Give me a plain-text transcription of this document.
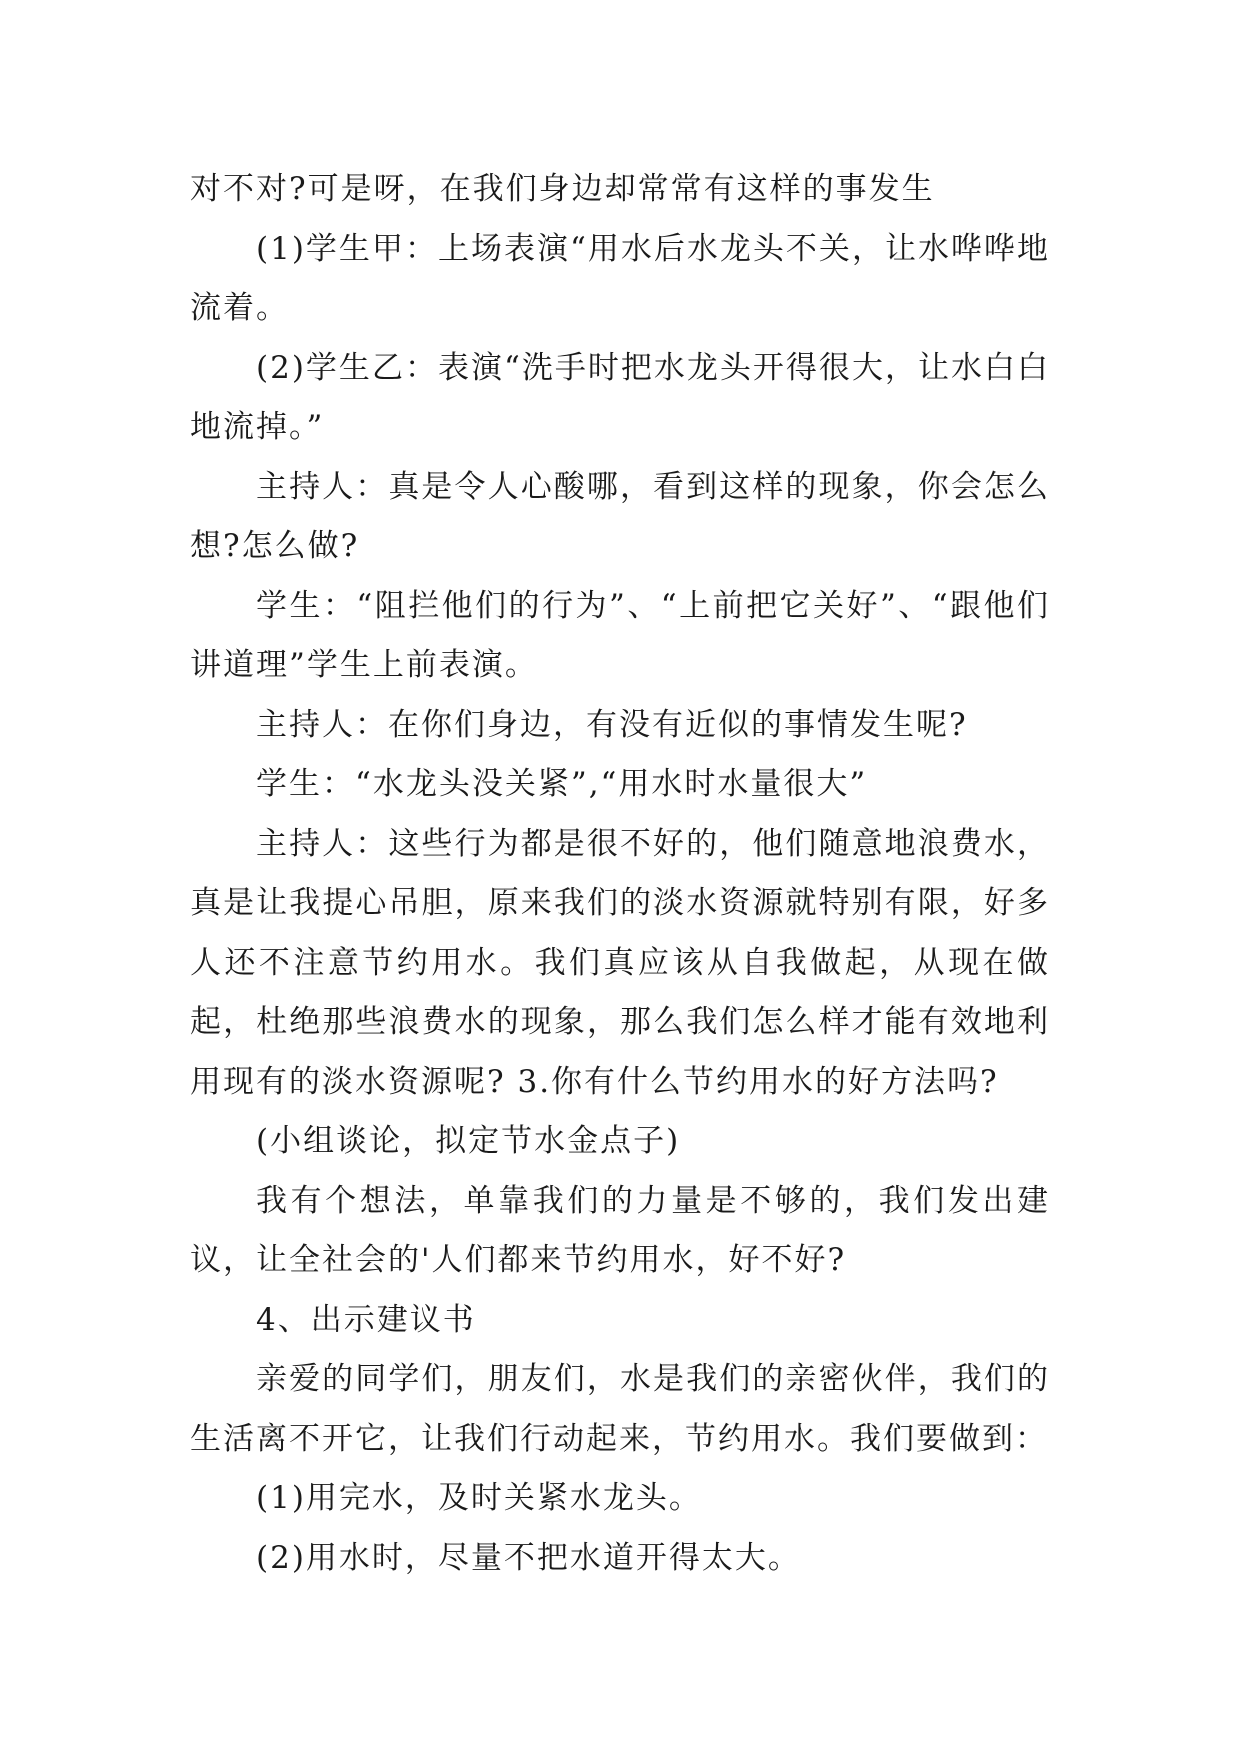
对不对?可是呀，在我们身边却常常有这样的事发生

(1)学生甲：上场表演“用水后水龙头不关，让水哗哗地流着。

(2)学生乙：表演“洗手时把水龙头开得很大，让水白白地流掉。”

主持人：真是令人心酸哪，看到这样的现象，你会怎么想?怎么做?

学生：“阻拦他们的行为”、“上前把它关好”、“跟他们讲道理”学生上前表演。

主持人：在你们身边，有没有近似的事情发生呢?

学生：“水龙头没关紧”,“用水时水量很大”

主持人：这些行为都是很不好的，他们随意地浪费水，真是让我提心吊胆，原来我们的淡水资源就特别有限，好多人还不注意节约用水。我们真应该从自我做起，从现在做起，杜绝那些浪费水的现象，那么我们怎么样才能有效地利用现有的淡水资源呢? 3.你有什么节约用水的好方法吗?

(小组谈论，拟定节水金点子)

我有个想法，单靠我们的力量是不够的，我们发出建议，让全社会的'人们都来节约用水，好不好?

4、出示建议书

亲爱的同学们，朋友们，水是我们的亲密伙伴，我们的生活离不开它，让我们行动起来，节约用水。我们要做到：

(1)用完水，及时关紧水龙头。

(2)用水时，尽量不把水道开得太大。
